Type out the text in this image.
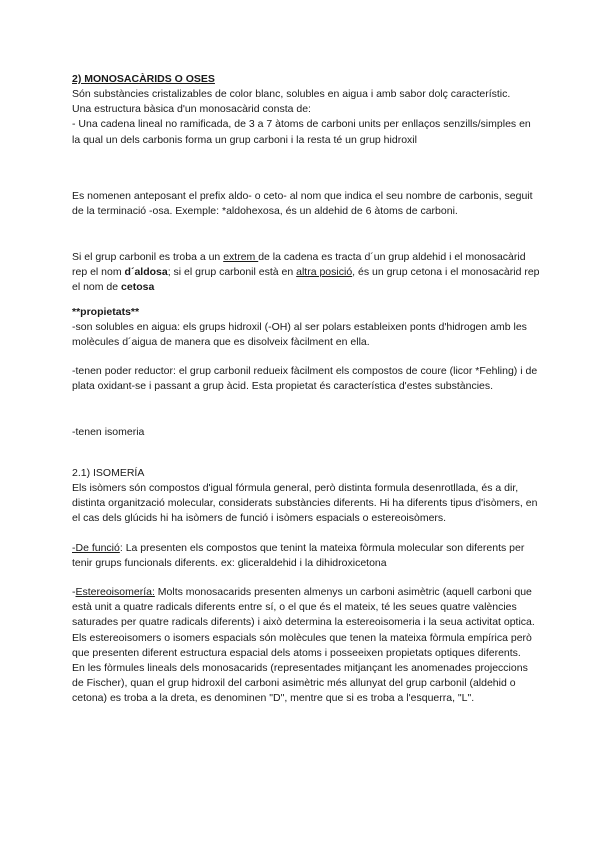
2) MONOSACÀRIDS O OSES
Són substàncies cristalizables de color blanc, solubles en aigua i amb sabor dolç característic.
Una estructura bàsica d'un monosacàrid consta de:
- Una cadena lineal no ramificada, de 3 a 7 àtoms de carboni units per enllaços senzills/simples en la qual un dels carbonis forma un grup carboni i la resta té un grup hidroxil
Es nomenen anteposant el prefix aldo- o ceto- al nom que indica el seu nombre de carbonis, seguit de la terminació -osa. Exemple: *aldohexosa, és un aldehid de 6 àtoms de carboni.
Si el grup carbonil es troba a un extrem de la cadena es tracta d´un grup aldehid i el monosacàrid rep el nom d´aldosa; si el grup carbonil està en altra posició, és un grup cetona i el monosacàrid rep el nom de cetosa
**propietats**
-son solubles en aigua: els grups hidroxil (-OH) al ser polars estableixen ponts d'hidrogen amb les molècules d´aigua de manera que es disolveix fàcilment en ella.
-tenen poder reductor: el grup carbonil redueix fàcilment els compostos de coure (licor *Fehling) i de plata oxidant-se i passant a grup àcid. Esta propietat és característica d'estes substàncies.
-tenen isomeria
2.1) ISOMERÍA
Els isòmers són compostos d'igual fórmula general, però distinta formula desenrotllada, és a dir, distinta organització molecular, considerats substàncies diferents. Hi ha diferents tipus d'isòmers, en el cas dels glúcids hi ha isòmers de funció i isòmers espacials o estereoisòmers.
-De funció: La presenten els compostos que tenint la mateixa fòrmula molecular son diferents per tenir grups funcionals diferents. ex: gliceraldehid i la dihidroxicetona
-Estereoisomería: Molts monosacarids presenten almenys un carboni asimètric (aquell carboni que està unit a quatre radicals diferents entre sí, o el que és el mateix, té les seues quatre valències saturades per quatre radicals diferents) i això determina la estereoisomeria i la seua activitat optica.
Els estereoisomers o isomers espacials són molècules que tenen la mateixa fòrmula empírica però que presenten diferent estructura espacial dels atoms i posseeixen propietats optiques diferents.
En les fòrmules lineals dels monosacarids (representades mitjançant les anomenades projeccions de Fischer), quan el grup hidroxil del carboni asimètric més allunyat del grup carbonil (aldehid o cetona) es troba a la dreta, es denominen "D", mentre que si es troba a l'esquerra, "L".
